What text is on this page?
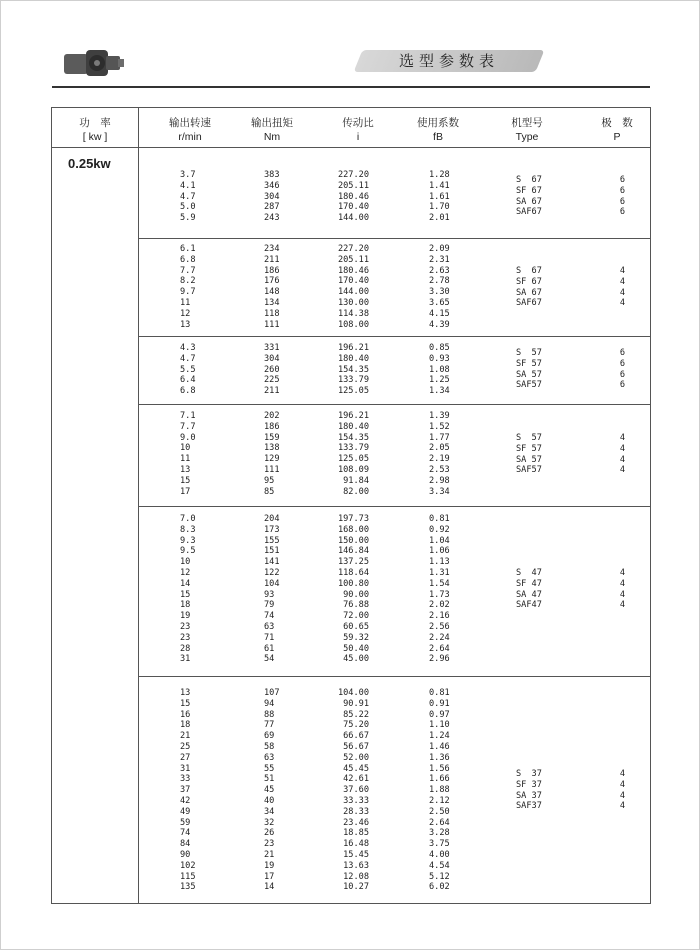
选型参数表
功　率
[ kw ]
输出转速
r/min
输出扭矩
Nm
传动比
i
使用系数
fB
机型号
Type
极　数
P
0.25kw
3.7
4.1
4.7
5.0
5.9
383
346
304
287
243
227.20
205.11
180.46
170.40
144.00
1.28
1.41
1.61
1.70
2.01
S  67
SF 67
SA 67
SAF67
6
6
6
6
6.1
6.8
7.7
8.2
9.7
11
12
13
234
211
186
176
148
134
118
111
227.20
205.11
180.46
170.40
144.00
130.00
114.38
108.00
2.09
2.31
2.63
2.78
3.30
3.65
4.15
4.39
S  67
SF 67
SA 67
SAF67
4
4
4
4
4.3
4.7
5.5
6.4
6.8
331
304
260
225
211
196.21
180.40
154.35
133.79
125.05
0.85
0.93
1.08
1.25
1.34
S  57
SF 57
SA 57
SAF57
6
6
6
6
7.1
7.7
9.0
10
11
13
15
17
202
186
159
138
129
111
95
85
196.21
180.40
154.35
133.79
125.05
108.09
91.84
82.00
1.39
1.52
1.77
2.05
2.19
2.53
2.98
3.34
S  57
SF 57
SA 57
SAF57
4
4
4
4
7.0
8.3
9.3
9.5
10
12
14
15
18
19
23
23
28
31
204
173
155
151
141
122
104
93
79
74
63
71
61
54
197.73
168.00
150.00
146.84
137.25
118.64
100.80
90.00
76.88
72.00
60.65
59.32
50.40
45.00
0.81
0.92
1.04
1.06
1.13
1.31
1.54
1.73
2.02
2.16
2.56
2.24
2.64
2.96
S  47
SF 47
SA 47
SAF47
4
4
4
4
13
15
16
18
21
25
27
31
33
37
42
49
59
74
84
90
102
115
135
107
94
88
77
69
58
63
55
51
45
40
34
32
26
23
21
19
17
14
104.00
90.91
85.22
75.20
66.67
56.67
52.00
45.45
42.61
37.60
33.33
28.33
23.46
18.85
16.48
15.45
13.63
12.08
10.27
0.81
0.91
0.97
1.10
1.24
1.46
1.36
1.56
1.66
1.88
2.12
2.50
2.64
3.28
3.75
4.00
4.54
5.12
6.02
S  37
SF 37
SA 37
SAF37
4
4
4
4
